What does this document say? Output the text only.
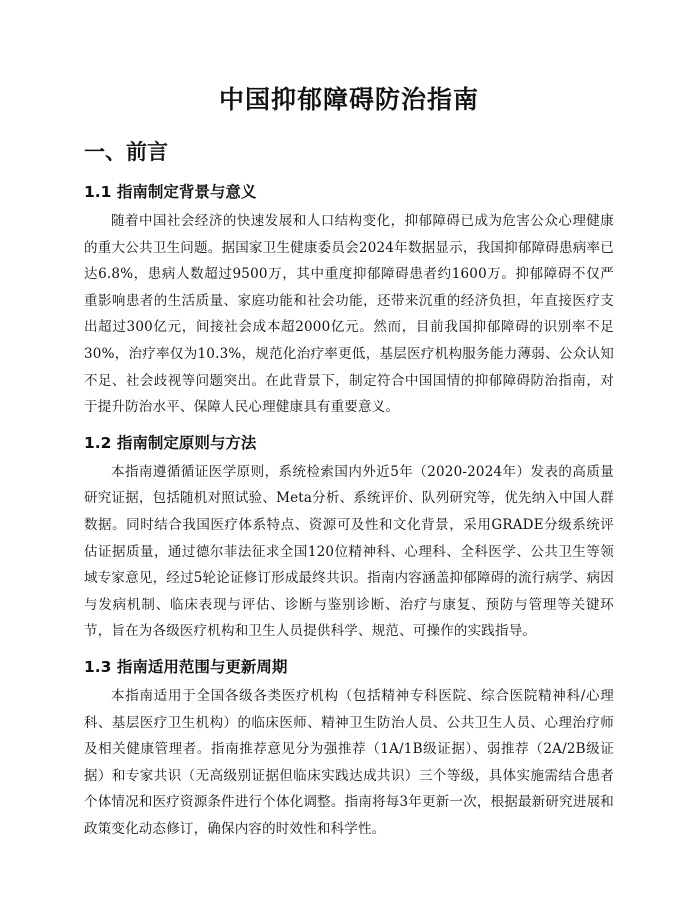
中国抑郁障碍防治指南
一、前言
1.1 指南制定背景与意义

随着中国社会经济的快速发展和人口结构变化，抑郁障碍已成为危害公众心理健康的重大公共卫生问题。据国家卫生健康委员会2024年数据显示，我国抑郁障碍患病率已达6.8%，患病人数超过9500万，其中重度抑郁障碍患者约1600万。抑郁障碍不仅严重影响患者的生活质量、家庭功能和社会功能，还带来沉重的经济负担，年直接医疗支出超过300亿元，间接社会成本超2000亿元。然而，目前我国抑郁障碍的识别率不足30%，治疗率仅为10.3%，规范化治疗率更低，基层医疗机构服务能力薄弱、公众认知不足、社会歧视等问题突出。在此背景下，制定符合中国国情的抑郁障碍防治指南，对于提升防治水平、保障人民心理健康具有重要意义。

1.2 指南制定原则与方法

本指南遵循循证医学原则，系统检索国内外近5年（2020-2024年）发表的高质量研究证据，包括随机对照试验、Meta分析、系统评价、队列研究等，优先纳入中国人群数据。同时结合我国医疗体系特点、资源可及性和文化背景，采用GRADE分级系统评估证据质量，通过德尔菲法征求全国120位精神科、心理科、全科医学、公共卫生等领域专家意见，经过5轮论证修订形成最终共识。指南内容涵盖抑郁障碍的流行病学、病因与发病机制、临床表现与评估、诊断与鉴别诊断、治疗与康复、预防与管理等关键环节，旨在为各级医疗机构和卫生人员提供科学、规范、可操作的实践指导。

1.3 指南适用范围与更新周期

本指南适用于全国各级各类医疗机构（包括精神专科医院、综合医院精神科/心理科、基层医疗卫生机构）的临床医师、精神卫生防治人员、公共卫生人员、心理治疗师及相关健康管理者。指南推荐意见分为强推荐（1A/1B级证据）、弱推荐（2A/2B级证据）和专家共识（无高级别证据但临床实践达成共识）三个等级，具体实施需结合患者个体情况和医疗资源条件进行个体化调整。指南将每3年更新一次，根据最新研究进展和政策变化动态修订，确保内容的时效性和科学性。
